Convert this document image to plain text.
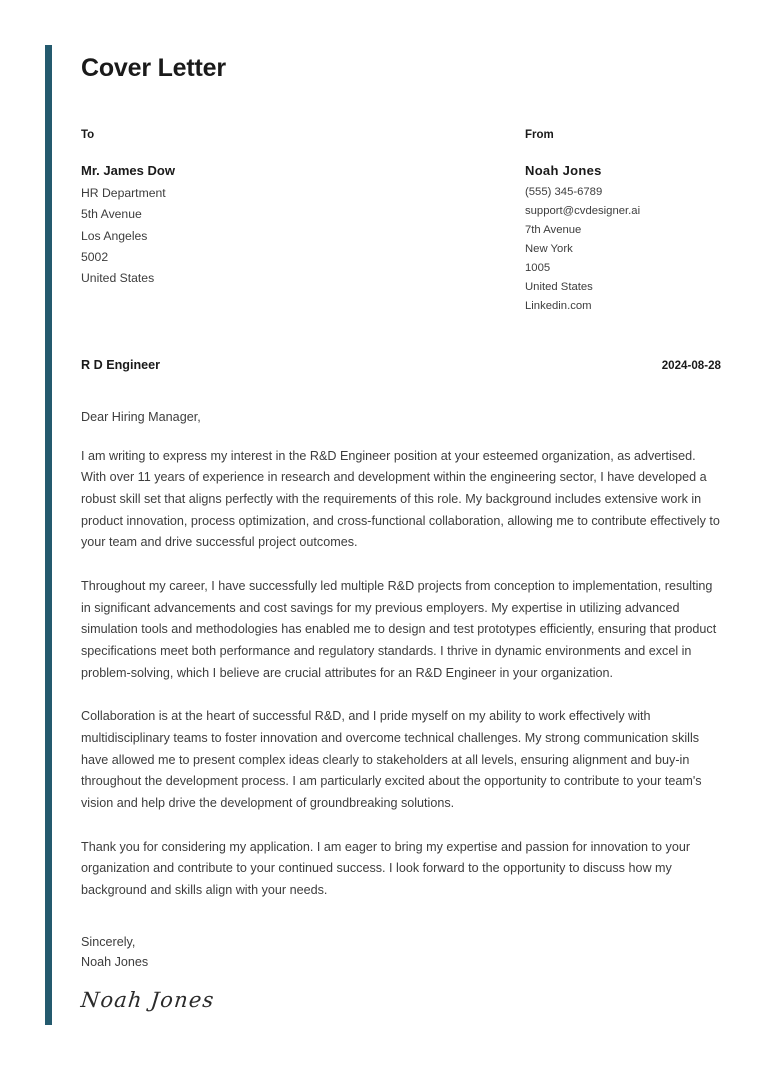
Cover Letter
To
Mr. James Dow
HR Department
5th Avenue
Los Angeles
5002
United States
From
Noah Jones
(555) 345-6789
support@cvdesigner.ai
7th Avenue
New York
1005
United States
Linkedin.com
R D Engineer	2024-08-28
Dear Hiring Manager,

I am writing to express my interest in the R&D Engineer position at your esteemed organization, as advertised. With over 11 years of experience in research and development within the engineering sector, I have developed a robust skill set that aligns perfectly with the requirements of this role. My background includes extensive work in product innovation, process optimization, and cross-functional collaboration, allowing me to contribute effectively to your team and drive successful project outcomes.

Throughout my career, I have successfully led multiple R&D projects from conception to implementation, resulting in significant advancements and cost savings for my previous employers. My expertise in utilizing advanced simulation tools and methodologies has enabled me to design and test prototypes efficiently, ensuring that product specifications meet both performance and regulatory standards. I thrive in dynamic environments and excel in problem-solving, which I believe are crucial attributes for an R&D Engineer in your organization.

Collaboration is at the heart of successful R&D, and I pride myself on my ability to work effectively with multidisciplinary teams to foster innovation and overcome technical challenges. My strong communication skills have allowed me to present complex ideas clearly to stakeholders at all levels, ensuring alignment and buy-in throughout the development process. I am particularly excited about the opportunity to contribute to your team's vision and help drive the development of groundbreaking solutions.

Thank you for considering my application. I am eager to bring my expertise and passion for innovation to your organization and contribute to your continued success. I look forward to the opportunity to discuss how my background and skills align with your needs.

Sincerely,
Noah Jones
Noah Jones
